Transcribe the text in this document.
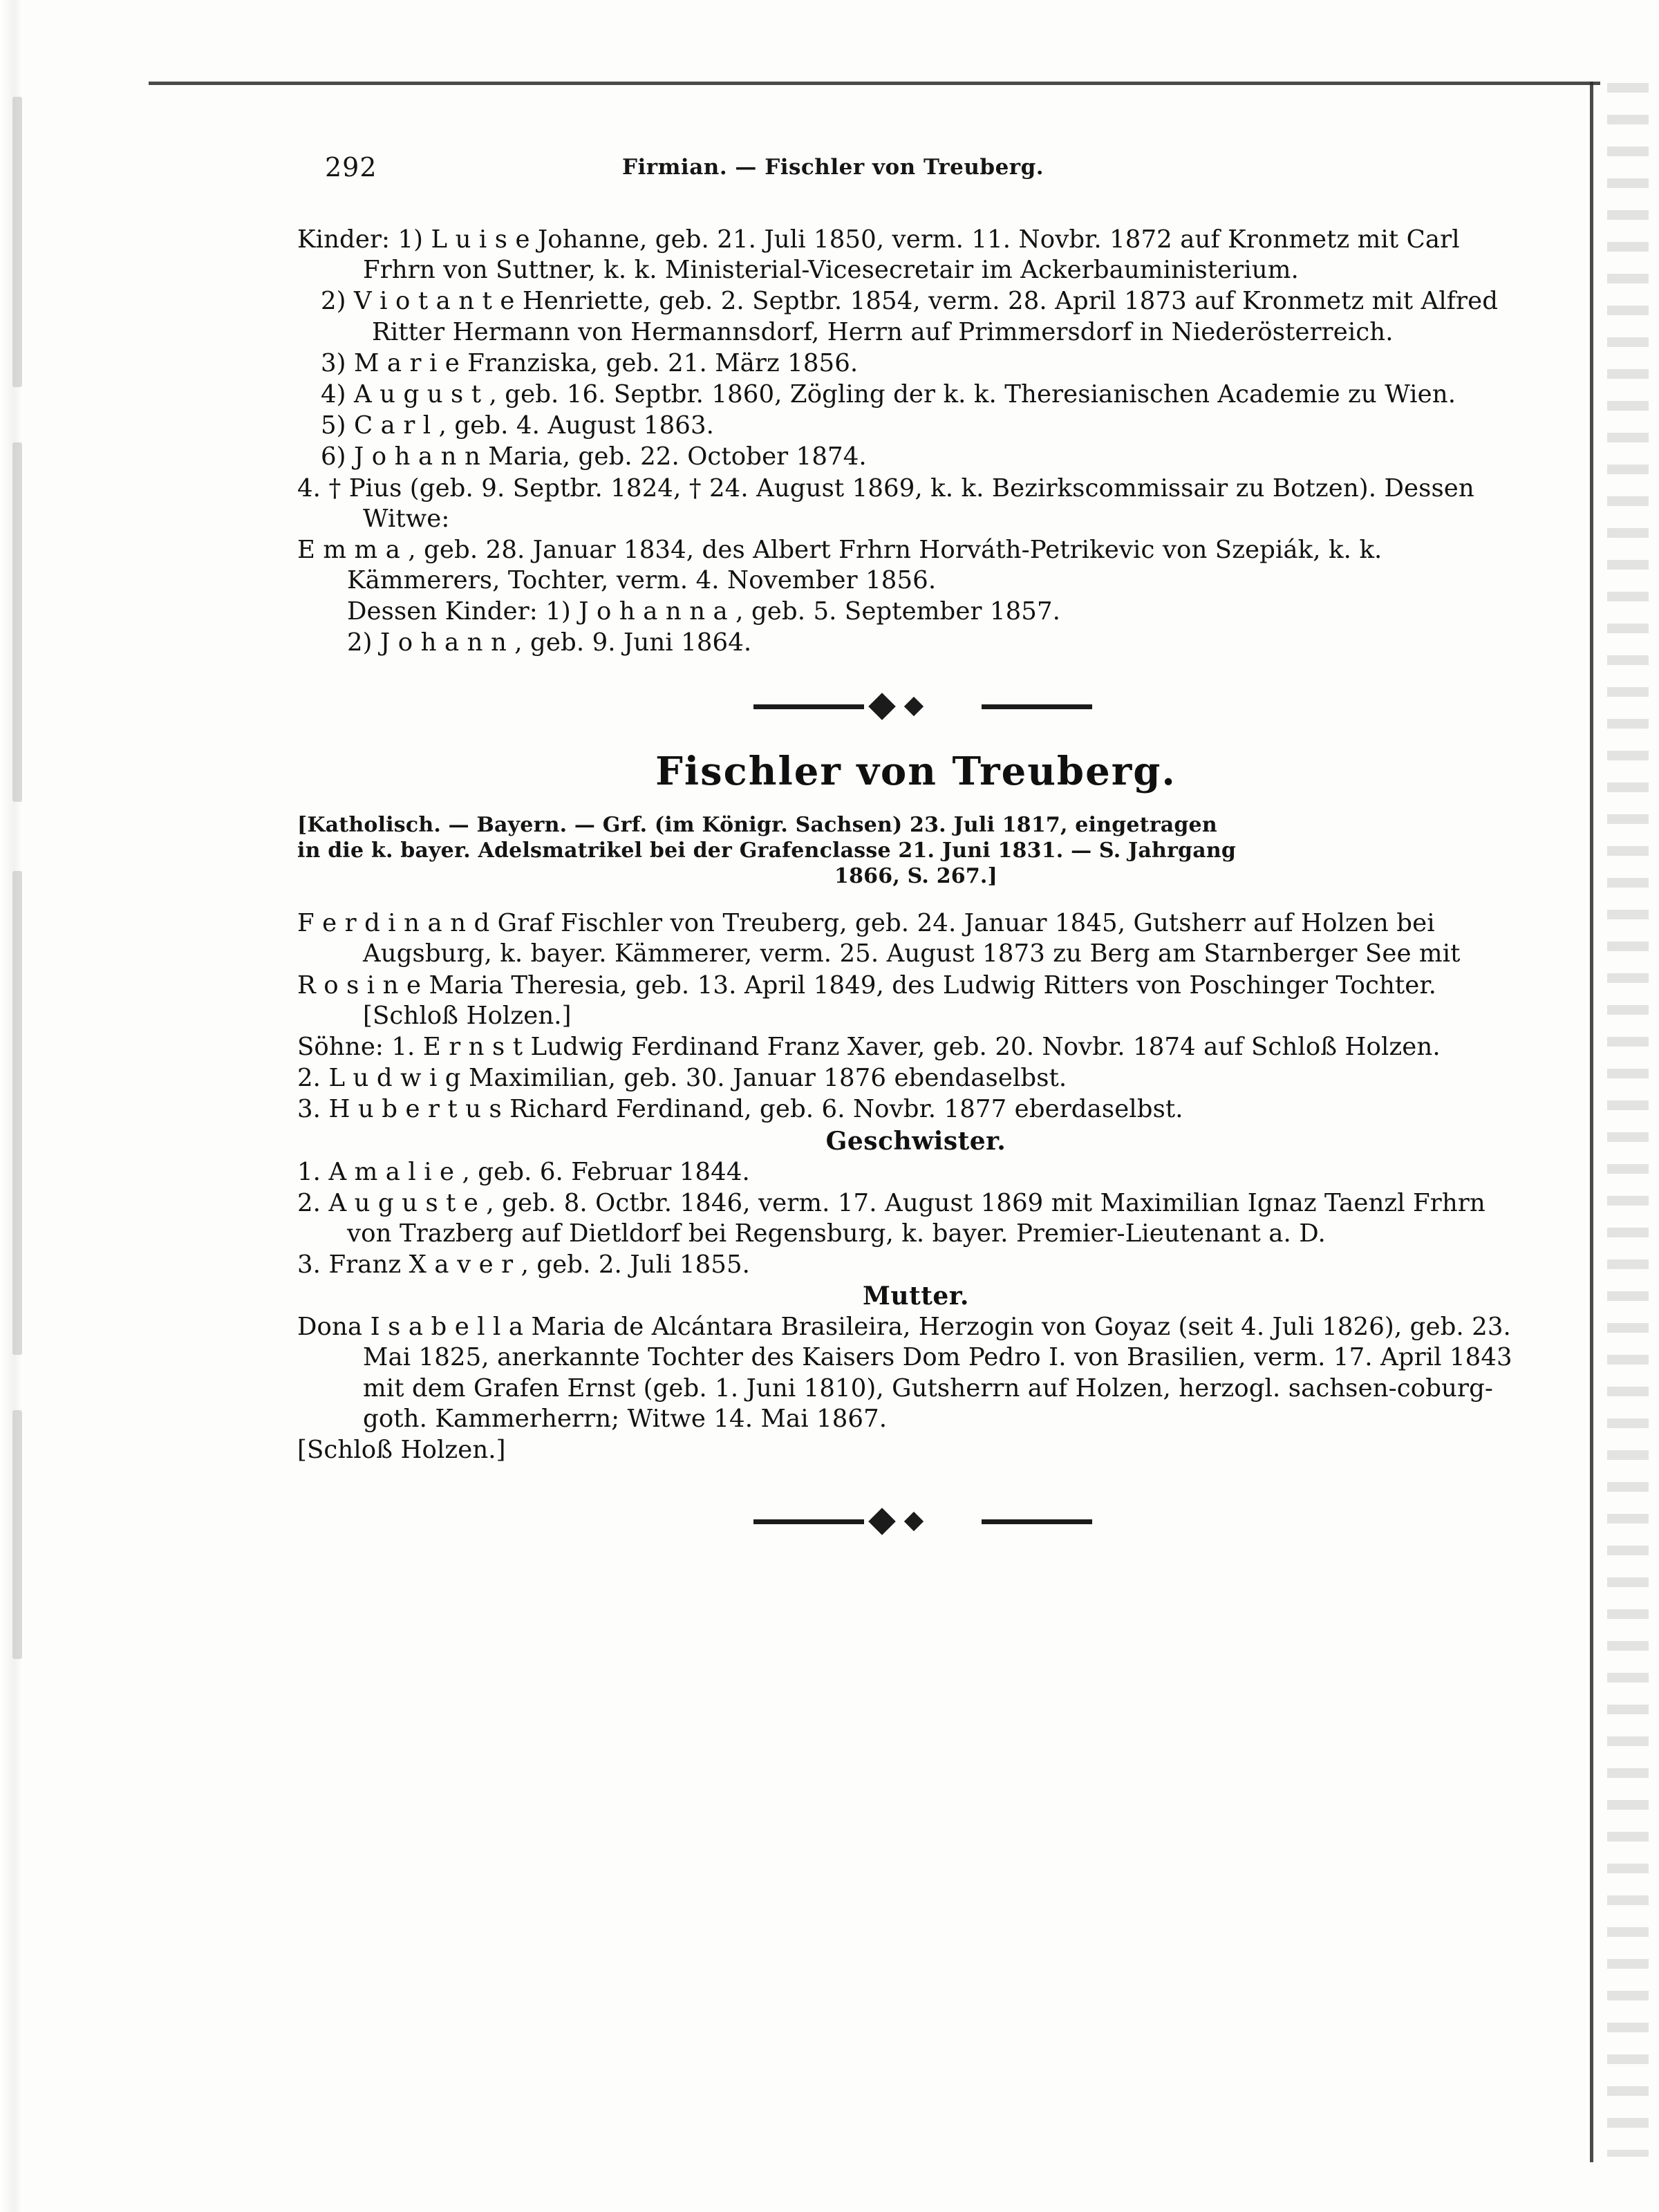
292	Firmian. — Fischler von Treuberg.

Kinder: 1) L u i s e Johanne, geb. 21. Juli 1850, verm. 11. Novbr. 1872 auf Kronmetz mit Carl Frhrn von Suttner, k. k. Ministerial-Vicesecretair im Ackerbauministerium.

2) V i o t a n t e Henriette, geb. 2. Septbr. 1854, verm. 28. April 1873 auf Kronmetz mit Alfred Ritter Hermann von Hermannsdorf, Herrn auf Primmersdorf in Niederösterreich.

3) M a r i e Franziska, geb. 21. März 1856.

4) A u g u s t , geb. 16. Septbr. 1860, Zögling der k. k. Theresianischen Academie zu Wien.

5) C a r l , geb. 4. August 1863.

6) J o h a n n Maria, geb. 22. October 1874.

4. † Pius (geb. 9. Septbr. 1824, † 24. August 1869, k. k. Bezirkscommissair zu Botzen). Dessen Witwe:

E m m a , geb. 28. Januar 1834, des Albert Frhrn Horváth-Petrikevic von Szepiák, k. k. Kämmerers, Tochter, verm. 4. November 1856.

Dessen Kinder: 1) J o h a n n a , geb. 5. September 1857.

2) J o h a n n , geb. 9. Juni 1864.

Fischler von Treuberg.
[Katholisch. — Bayern. — Grf. (im Königr. Sachsen) 23. Juli 1817, eingetragen
in die k. bayer. Adelsmatrikel bei der Grafenclasse 21. Juni 1831. — S. Jahrgang
1866, S. 267.]

F e r d i n a n d Graf Fischler von Treuberg, geb. 24. Januar 1845, Gutsherr auf Holzen bei Augsburg, k. bayer. Kämmerer, verm. 25. August 1873 zu Berg am Starnberger See mit

R o s i n e Maria Theresia, geb. 13. April 1849, des Ludwig Ritters von Poschinger Tochter. [Schloß Holzen.]

Söhne: 1. E r n s t Ludwig Ferdinand Franz Xaver, geb. 20. Novbr. 1874 auf Schloß Holzen.

2. L u d w i g Maximilian, geb. 30. Januar 1876 ebendaselbst.

3. H u b e r t u s Richard Ferdinand, geb. 6. Novbr. 1877 eberdaselbst.

Geschwister.

1. A m a l i e , geb. 6. Februar 1844.

2. A u g u s t e , geb. 8. Octbr. 1846, verm. 17. August 1869 mit Maximilian Ignaz Taenzl Frhrn von Trazberg auf Dietldorf bei Regensburg, k. bayer. Premier-Lieutenant a. D.

3. Franz X a v e r , geb. 2. Juli 1855.

Mutter.

Dona I s a b e l l a Maria de Alcántara Brasileira, Herzogin von Goyaz (seit 4. Juli 1826), geb. 23. Mai 1825, anerkannte Tochter des Kaisers Dom Pedro I. von Brasilien, verm. 17. April 1843 mit dem Grafen Ernst (geb. 1. Juni 1810), Gutsherrn auf Holzen, herzogl. sachsen-coburg-goth. Kammerherrn; Witwe 14. Mai 1867.

[Schloß Holzen.]
